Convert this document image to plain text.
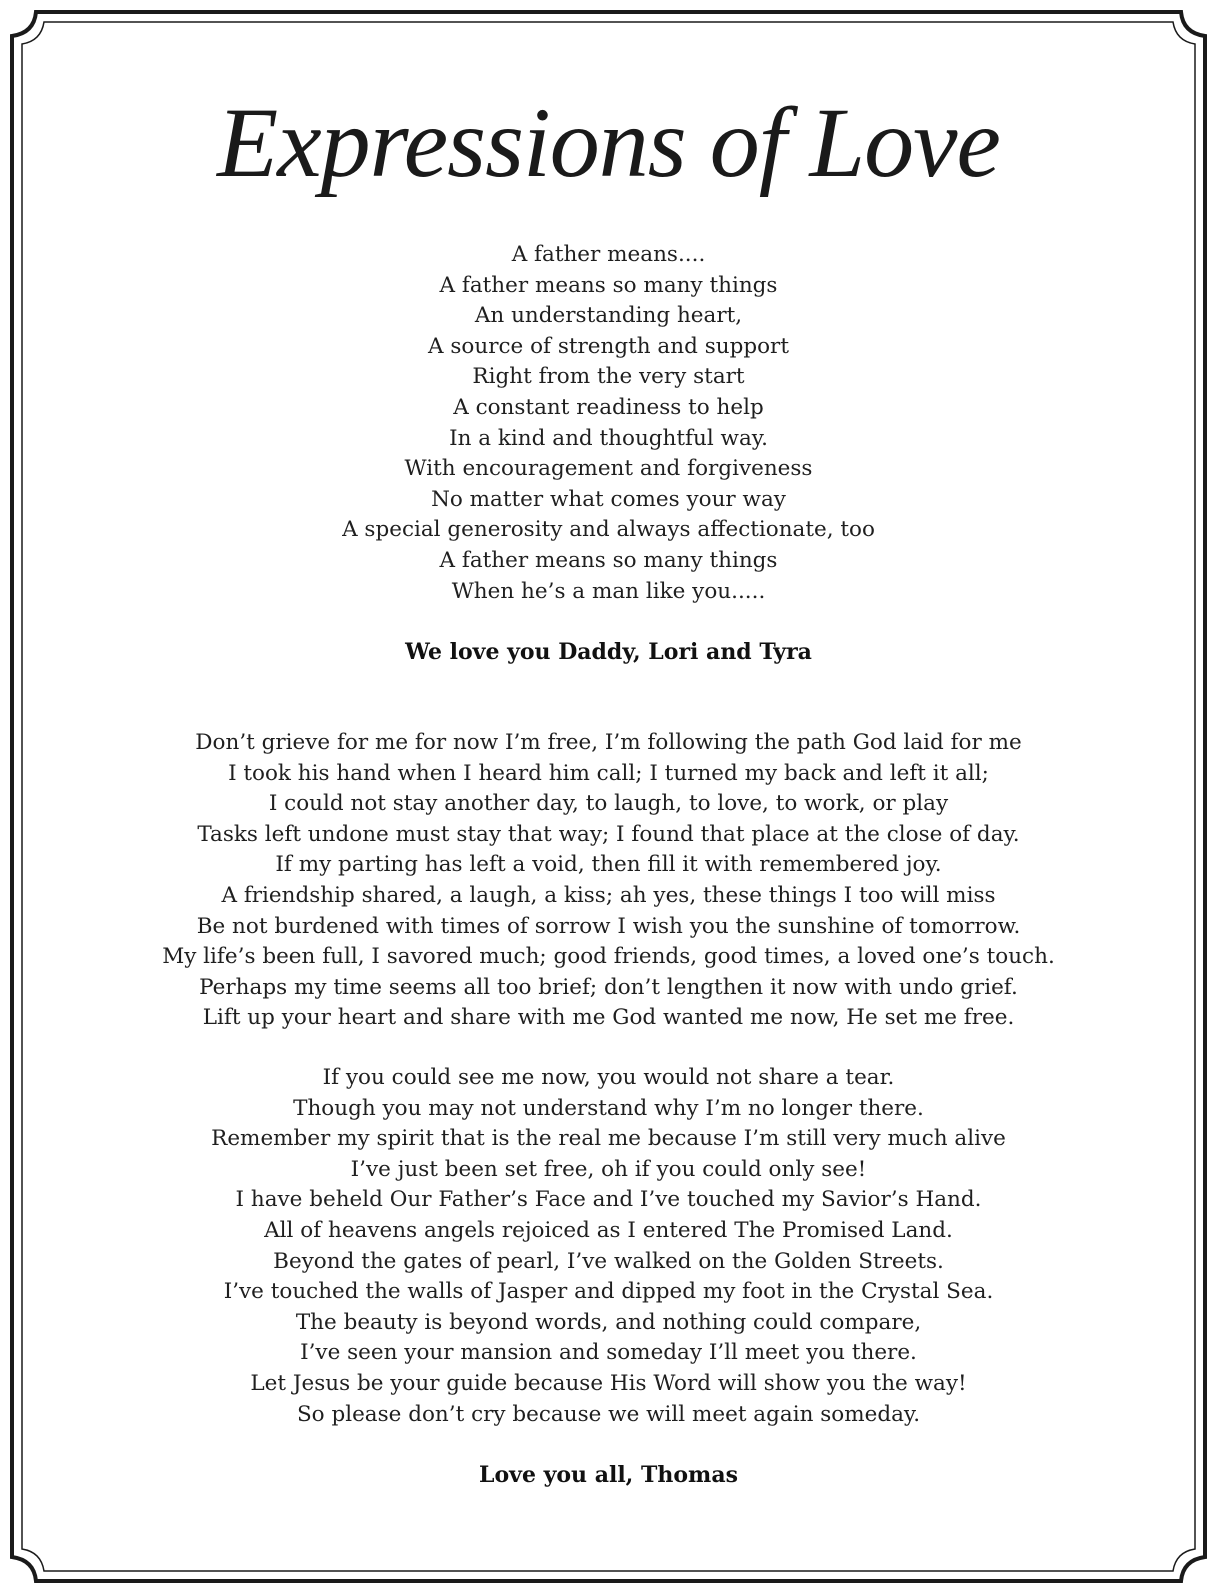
Expressions of Love
A father means....
A father means so many things
An understanding heart,
A source of strength and support
Right from the very start
A constant readiness to help
In a kind and thoughtful way.
With encouragement and forgiveness
No matter what comes your way
A special generosity and always affectionate, too
A father means so many things
When he’s a man like you.....
We love you Daddy, Lori and Tyra
Don’t grieve for me for now I’m free, I’m following the path God laid for me
I took his hand when I heard him call; I turned my back and left it all;
I could not stay another day, to laugh, to love, to work, or play
Tasks left undone must stay that way; I found that place at the close of day.
If my parting has left a void, then fill it with remembered joy.
A friendship shared, a laugh, a kiss; ah yes, these things I too will miss
Be not burdened with times of sorrow I wish you the sunshine of tomorrow.
My life’s been full, I savored much; good friends, good times, a loved one’s touch.
Perhaps my time seems all too brief; don’t lengthen it now with undo grief.
Lift up your heart and share with me God wanted me now, He set me free.
If you could see me now, you would not share a tear.
Though you may not understand why I’m no longer there.
Remember my spirit that is the real me because I’m still very much alive
I’ve just been set free, oh if you could only see!
I have beheld Our Father’s Face and I’ve touched my Savior’s Hand.
All of heavens angels rejoiced as I entered The Promised Land.
Beyond the gates of pearl, I’ve walked on the Golden Streets.
I’ve touched the walls of Jasper and dipped my foot in the Crystal Sea.
The beauty is beyond words, and nothing could compare,
I’ve seen your mansion and someday I’ll meet you there.
Let Jesus be your guide because His Word will show you the way!
So please don’t cry because we will meet again someday.
Love you all, Thomas
